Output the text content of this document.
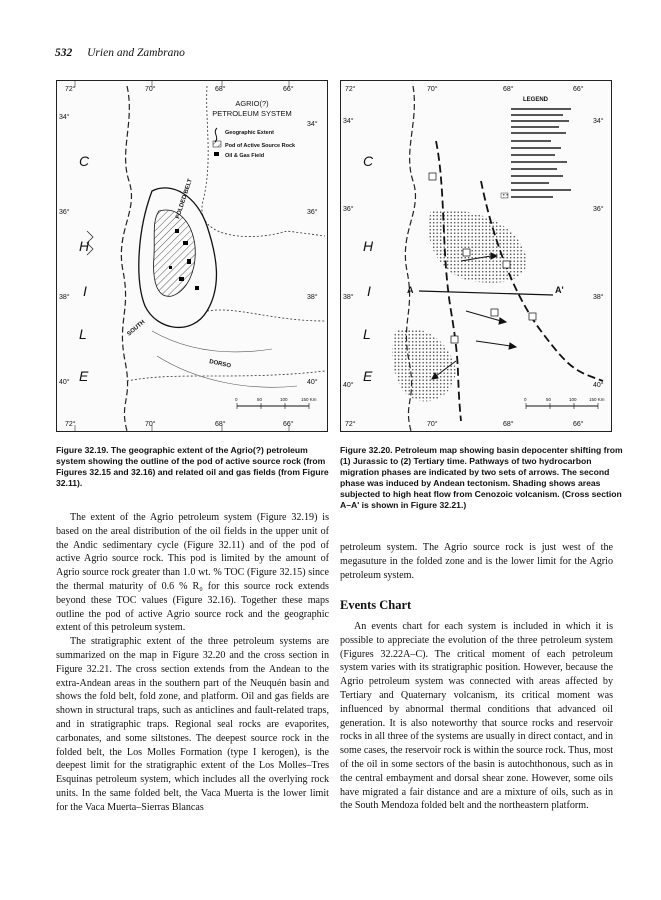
532 Urien and Zambrano
72°	70°	68°	66°
72°	70°	68°	66°
34°
34°
36°	36°
38°	38°
40°	40°
C
H
I
L
E
FOLDED BELT
SOUTH
DORSO
AGRIO(?)
PETROLEUM SYSTEM
Geographic Extent
Pod of Active Source Rock
Oil & Gas Field
0	50	100	150 Km
72°	70°	68°	66°
72°	70°	68°	66°
34°	34°
36°	36°
38°	38°
40°	40°
A	A'
C
H
I
L
E
LEGEND
0	50	100	150 Km
Figure 32.19. The geographic extent of the Agrio(?) petroleum system showing the outline of the pod of active source rock (from Figures 32.15 and 32.16) and related oil and gas fields (from Figure 32.11).
Figure 32.20. Petroleum map showing basin depocenter shifting from (1) Jurassic to (2) Tertiary time. Pathways of two hydrocarbon migration phases are indicated by two sets of arrows. The second phase was induced by Andean tectonism. Shading shows areas subjected to high heat flow from Cenozoic volcanism. (Cross section A–A' is shown in Figure 32.21.)

The extent of the Agrio petroleum system (Figure 32.19) is based on the areal distribution of the oil fields in the upper unit of the Andic sedimentary cycle (Figure 32.11) and of the pod of active Agrio source rock. This pod is limited by the amount of Agrio source rock greater than 1.0 wt. % TOC (Figure 32.15) since the thermal maturity of 0.6 % R₀ for this source rock extends beyond these TOC values (Figure 32.16). Together these maps outline the pod of active Agrio source rock and the geographic extent of this petroleum system.

The stratigraphic extent of the three petroleum systems are summarized on the map in Figure 32.20 and the cross section in Figure 32.21. The cross section extends from the Andean to the extra-Andean areas in the southern part of the Neuquén basin and shows the fold belt, fold zone, and platform. Oil and gas fields are shown in structural traps, such as anticlines and fault-related traps, and in stratigraphic traps. Regional seal rocks are evaporites, carbonates, and some siltstones. The deepest source rock in the folded belt, the Los Molles Formation (type I kerogen), is the deepest limit for the stratigraphic extent of the Los Molles–Tres Esquinas petroleum system, which includes all the overlying rock units. In the same folded belt, the Vaca Muerta is the lower limit for the Vaca Muerta–Sierras Blancas

petroleum system. The Agrio source rock is just west of the megasuture in the folded zone and is the lower limit for the Agrio petroleum system.

Events Chart

An events chart for each system is included in which it is possible to appreciate the evolution of the three petroleum system (Figures 32.22A–C). The critical moment of each petroleum system varies with its stratigraphic position. However, because the Agrio petroleum system was connected with areas affected by Tertiary and Quaternary volcanism, its critical moment was influenced by abnormal thermal conditions that advanced oil generation. It is also noteworthy that source rocks and reservoir rocks in all three of the systems are usually in direct contact, and in some cases, the reservoir rock is within the source rock. Thus, most of the oil in some sectors of the basin is autochthonous, such as in the central embayment and dorsal shear zone. However, some oils have migrated a fair distance and are a mixture of oils, such as in the South Mendoza folded belt and the northeastern platform.
